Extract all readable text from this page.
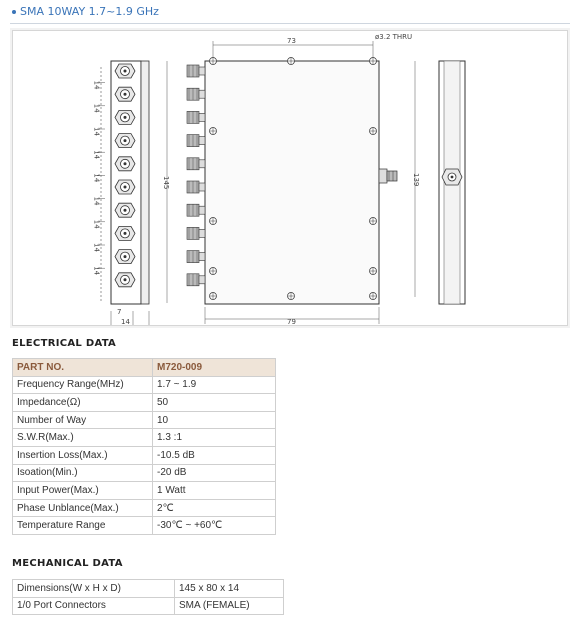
SMA 10WAY 1.7~1.9 GHz
14
14
14
14
14
14
14
14
14
7
14
73	ø3.2 THRU
79
145	139
ELECTRICAL DATA
PART NO.	M720-009
Frequency Range(MHz)	1.7 ~ 1.9
Impedance(Ω)	50
Number of Way	10
S.W.R(Max.)	1.3 :1
Insertion Loss(Max.)	-10.5 dB
Isoation(Min.)	-20 dB
Input Power(Max.)	1 Watt
Phase Unblance(Max.)	2℃
Temperature Range	-30℃ ~ +60℃
MECHANICAL DATA
Dimensions(W x H x D)	145 x 80 x 14
1/0 Port Connectors	SMA (FEMALE)
